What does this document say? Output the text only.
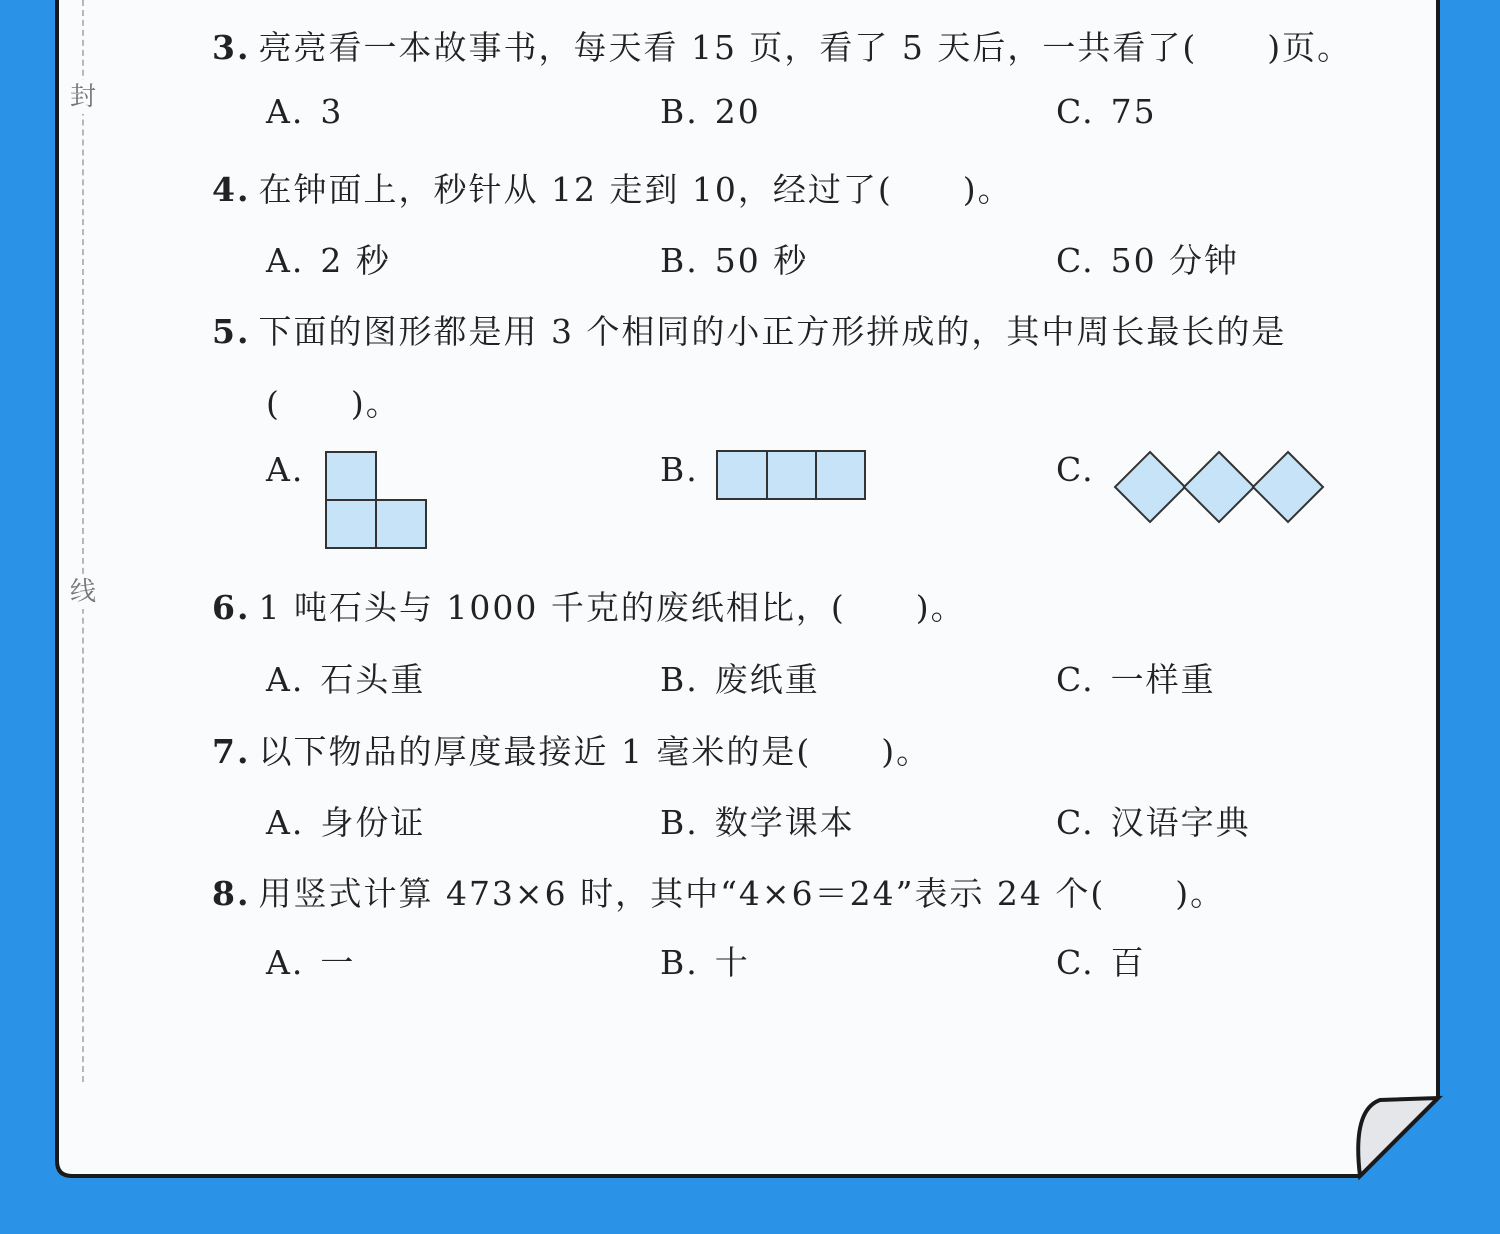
封
线
3. 亮亮看一本故事书，每天看 15 页，看了 5 天后，一共看了(　　)页。
A. 3	B. 20	C. 75
4. 在钟面上，秒针从 12 走到 10，经过了(　　)。
A. 2 秒	B. 50 秒	C. 50 分钟
5. 下面的图形都是用 3 个相同的小正方形拼成的，其中周长最长的是
(　　)。
A.	B.	C.
6. 1 吨石头与 1000 千克的废纸相比，(　　)。
A. 石头重	B. 废纸重	C. 一样重
7. 以下物品的厚度最接近 1 毫米的是(　　)。
A. 身份证	B. 数学课本	C. 汉语字典
8. 用竖式计算 473×6 时，其中“4×6＝24”表示 24 个(　　)。
A. 一	B. 十	C. 百
